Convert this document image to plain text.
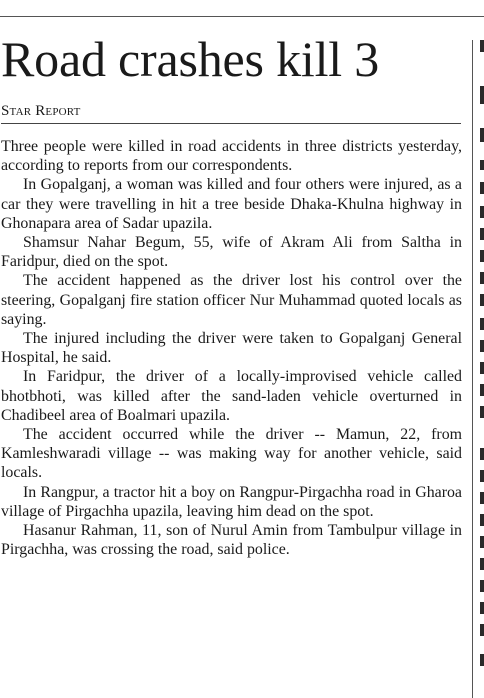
Road crashes kill 3
Star Report

Three people were killed in road accidents in three districts yesterday, according to reports from our correspondents.

In Gopalganj, a woman was killed and four others were injured, as a car they were travelling in hit a tree beside Dhaka-Khulna highway in Ghonapara area of Sadar upazila.

Shamsur Nahar Begum, 55, wife of Akram Ali from Saltha in Faridpur, died on the spot.

The accident happened as the driver lost his control over the steering, Gopalganj fire station officer Nur Muhammad quoted locals as saying.

The injured including the driver were taken to Gopalganj General Hospital, he said.

In Faridpur, the driver of a locally-improvised vehicle called bhotbhoti, was killed after the sand-laden vehicle overturned in Chadibeel area of Boalmari upazila.

The accident occurred while the driver -- Mamun, 22, from Kamleshwaradi village -- was making way for another vehicle, said locals.

In Rangpur, a tractor hit a boy on Rangpur-Pirgachha road in Gharoa village of Pirgachha upazila, leaving him dead on the spot.

Hasanur Rahman, 11, son of Nurul Amin from Tambulpur village in Pirgachha, was crossing the road, said police.
